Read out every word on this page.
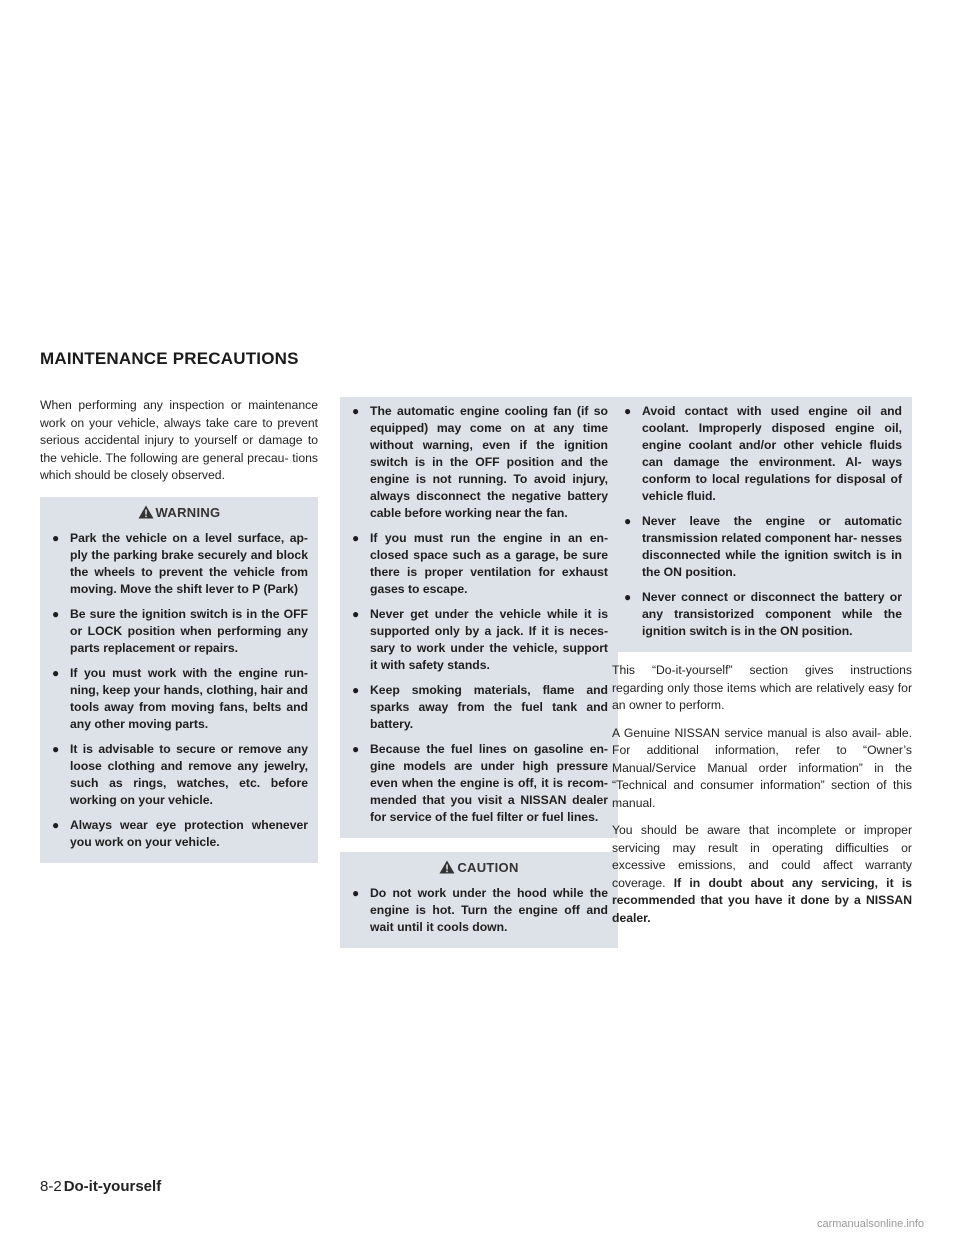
MAINTENANCE PRECAUTIONS

When performing any inspection or maintenance work on your vehicle, always take care to prevent serious accidental injury to yourself or damage to the vehicle. The following are general precau- tions which should be closely observed.

WARNING
● Park the vehicle on a level surface, ap- ply the parking brake securely and block the wheels to prevent the vehicle from moving. Move the shift lever to P (Park)
● Be sure the ignition switch is in the OFF or LOCK position when performing any parts replacement or repairs.
● If you must work with the engine run- ning, keep your hands, clothing, hair and tools away from moving fans, belts and any other moving parts.
● It is advisable to secure or remove any loose clothing and remove any jewelry, such as rings, watches, etc. before working on your vehicle.
● Always wear eye protection whenever you work on your vehicle.
● The automatic engine cooling fan (if so equipped) may come on at any time without warning, even if the ignition switch is in the OFF position and the engine is not running. To avoid injury, always disconnect the negative battery cable before working near the fan.
● If you must run the engine in an en- closed space such as a garage, be sure there is proper ventilation for exhaust gases to escape.
● Never get under the vehicle while it is supported only by a jack. If it is neces- sary to work under the vehicle, support it with safety stands.
● Keep smoking materials, flame and sparks away from the fuel tank and battery.
● Because the fuel lines on gasoline en- gine models are under high pressure even when the engine is off, it is recom- mended that you visit a NISSAN dealer for service of the fuel filter or fuel lines.
CAUTION
● Do not work under the hood while the engine is hot. Turn the engine off and wait until it cools down.
● Avoid contact with used engine oil and coolant. Improperly disposed engine oil, engine coolant and/or other vehicle fluids can damage the environment. Al- ways conform to local regulations for disposal of vehicle fluid.
● Never leave the engine or automatic transmission related component har- nesses disconnected while the ignition switch is in the ON position.
● Never connect or disconnect the battery or any transistorized component while the ignition switch is in the ON position.

This “Do-it-yourself” section gives instructions regarding only those items which are relatively easy for an owner to perform.

A Genuine NISSAN service manual is also avail- able. For additional information, refer to “Owner’s Manual/Service Manual order information” in the “Technical and consumer information” section of this manual.

You should be aware that incomplete or improper servicing may result in operating difficulties or excessive emissions, and could affect warranty coverage. If in doubt about any servicing, it is recommended that you have it done by a NISSAN dealer.

8-2 Do-it-yourself
carmanualsonline.info
